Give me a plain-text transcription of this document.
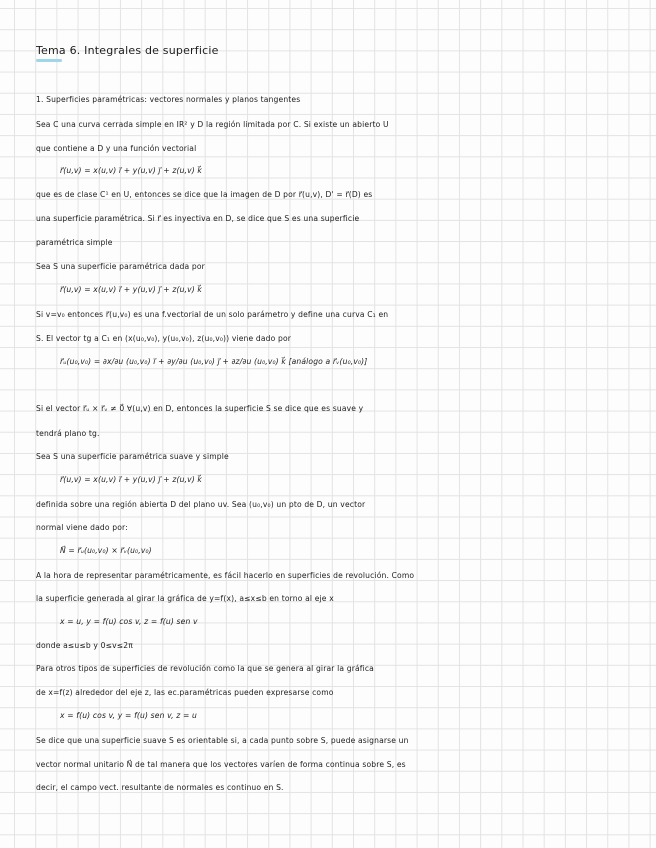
Tema 6. Integrales de superficie
1. Superficies paramétricas: vectores normales y planos tangentes
Sea C una curva cerrada simple en IR² y D la región limitada por C. Si existe un abierto U
que contiene a D y una función vectorial
r⃗(u,v) = x(u,v) i⃗ + y(u,v) j⃗ + z(u,v) k⃗
que es de clase C¹ en U, entonces se dice que la imagen de D por r⃗(u,v), D' = r⃗(D) es
una superficie paramétrica. Si r⃗ es inyectiva en D, se dice que S es una superficie
paramétrica simple
Sea S una superficie paramétrica dada por
r⃗(u,v) = x(u,v) i⃗ + y(u,v) j⃗ + z(u,v) k⃗
Si v=v₀ entonces r⃗(u,v₀) es una f.vectorial de un solo parámetro y define una curva C₁ en
S. El vector tg a C₁ en (x(u₀,v₀), y(u₀,v₀), z(u₀,v₀)) viene dado por
r⃗ᵤ(u₀,v₀) = ∂x/∂u (u₀,v₀) i⃗ + ∂y/∂u (u₀,v₀) j⃗ + ∂z/∂u (u₀,v₀) k⃗ [análogo a r⃗ᵥ(u₀,v₀)]
Si el vector r⃗ᵤ × r⃗ᵥ ≠ 0⃗ ∀(u,v) en D, entonces la superficie S se dice que es suave y
tendrá plano tg.
Sea S una superficie paramétrica suave y simple
r⃗(u,v) = x(u,v) i⃗ + y(u,v) j⃗ + z(u,v) k⃗
definida sobre una región abierta D del plano uv. Sea (u₀,v₀) un pto de D, un vector
normal viene dado por:
N⃗ = r⃗ᵤ(u₀,v₀) × r⃗ᵥ(u₀,v₀)
A la hora de representar paramétricamente, es fácil hacerlo en superficies de revolución. Como
la superficie generada al girar la gráfica de y=f(x), a≤x≤b en torno al eje x
x = u, y = f(u) cos v, z = f(u) sen v
donde a≤u≤b y 0≤v≤2π
Para otros tipos de superficies de revolución como la que se genera al girar la gráfica
de x=f(z) alrededor del eje z, las ec.paramétricas pueden expresarse como
x = f(u) cos v, y = f(u) sen v, z = u
Se dice que una superficie suave S es orientable si, a cada punto sobre S, puede asignarse un
vector normal unitario N⃗ de tal manera que los vectores varíen de forma continua sobre S, es
decir, el campo vect. resultante de normales es continuo en S.
